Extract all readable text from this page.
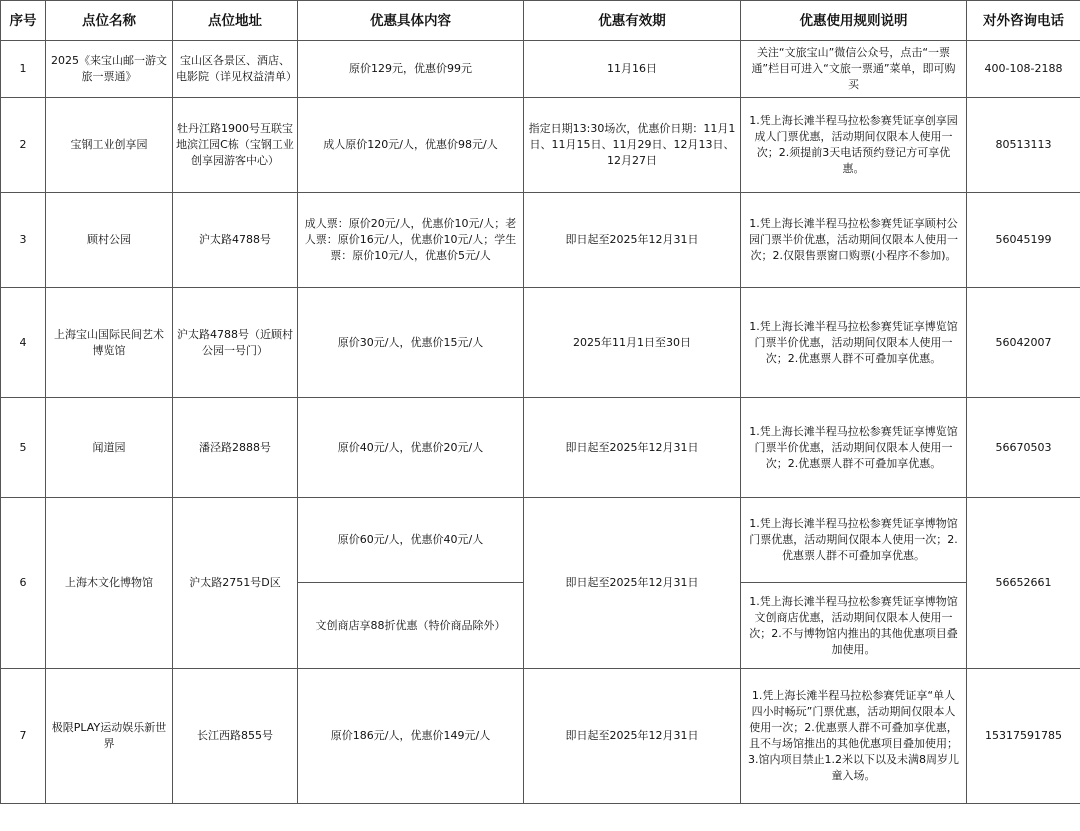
序号	点位名称	点位地址	优惠具体内容	优惠有效期	优惠使用规则说明	对外咨询电话
1	2025《来宝山邮一游文旅一票通》	宝山区各景区、酒店、电影院（详见权益清单）	原价129元，优惠价99元	11月16日	关注“文旅宝山”微信公众号，点击“一票通”栏目可进入“文旅一票通”菜单，即可购买	400-108-2188
2	宝钢工业创享园	牡丹江路1900号互联宝地滨江园C栋（宝钢工业创享园游客中心）	成人原价120元/人，优惠价98元/人	指定日期13:30场次，优惠价日期：11月1日、11月15日、11月29日、12月13日、12月27日	1.凭上海长滩半程马拉松参赛凭证享创享园成人门票优惠，活动期间仅限本人使用一次；2.须提前3天电话预约登记方可享优惠。	80513113
3	顾村公园	沪太路4788号	成人票：原价20元/人，优惠价10元/人；老人票：原价16元/人，优惠价10元/人；学生票：原价10元/人，优惠价5元/人	即日起至2025年12月31日	1.凭上海长滩半程马拉松参赛凭证享顾村公园门票半价优惠，活动期间仅限本人使用一次；2.仅限售票窗口购票(小程序不参加)。	56045199
4	上海宝山国际民间艺术博览馆	沪太路4788号（近顾村公园一号门）	原价30元/人，优惠价15元/人	2025年11月1日至30日	1.凭上海长滩半程马拉松参赛凭证享博览馆门票半价优惠，活动期间仅限本人使用一次；2.优惠票人群不可叠加享优惠。	56042007
5	闻道园	潘泾路2888号	原价40元/人，优惠价20元/人	即日起至2025年12月31日	1.凭上海长滩半程马拉松参赛凭证享博览馆门票半价优惠，活动期间仅限本人使用一次；2.优惠票人群不可叠加享优惠。	56670503
6	上海木文化博物馆	沪太路2751号D区	原价60元/人，优惠价40元/人	即日起至2025年12月31日	1.凭上海长滩半程马拉松参赛凭证享博物馆门票优惠，活动期间仅限本人使用一次；2.优惠票人群不可叠加享优惠。	56652661
			文创商店享88折优惠（特价商品除外）		1.凭上海长滩半程马拉松参赛凭证享博物馆文创商店优惠，活动期间仅限本人使用一次；2.不与博物馆内推出的其他优惠项目叠加使用。	
7	极限PLAY运动娱乐新世界	长江西路855号	原价186元/人，优惠价149元/人	即日起至2025年12月31日	1.凭上海长滩半程马拉松参赛凭证享“单人四小时畅玩”门票优惠，活动期间仅限本人使用一次；2.优惠票人群不可叠加享优惠，且不与场馆推出的其他优惠项目叠加使用；3.馆内项目禁止1.2米以下以及未满8周岁儿童入场。	15317591785
